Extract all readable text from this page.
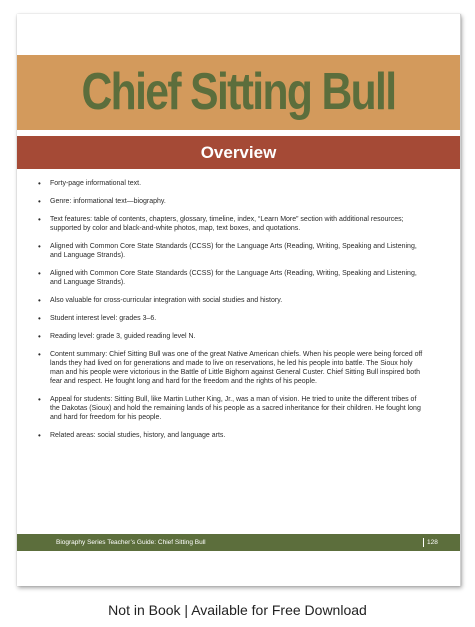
Chief Sitting Bull
Overview
• Forty-page informational text.
• Genre: informational text—biography.
• Text features: table of contents, chapters, glossary, timeline, index, “Learn More” section with additional resources; supported by color and black-and-white photos, map, text boxes, and quotations.
• Aligned with Common Core State Standards (CCSS) for the Language Arts (Reading, Writing, Speaking and Listening, and Language Strands).
• Aligned with Common Core State Standards (CCSS) for the Language Arts (Reading, Writing, Speaking and Listening, and Language Strands).
• Also valuable for cross-curricular integration with social studies and history.
• Student interest level: grades 3–6.
• Reading level: grade 3, guided reading level N.
• Content summary: Chief Sitting Bull was one of the great Native American chiefs. When his people were being forced off lands they had lived on for generations and made to live on reservations, he led his people into battle. The Sioux holy man and his people were victorious in the Battle of Little Bighorn against General Custer. Chief Sitting Bull inspired both fear and respect. He fought long and hard for the freedom and the rights of his people.
• Appeal for students: Sitting Bull, like Martin Luther King, Jr., was a man of vision. He tried to unite the different tribes of the Dakotas (Sioux) and hold the remaining lands of his people as a sacred inheritance for their children. He fought long and hard for freedom for his people.
• Related areas: social studies, history, and language arts.
Biography Series Teacher’s Guide: Chief Sitting Bull	128
Not in Book | Available for Free Download
